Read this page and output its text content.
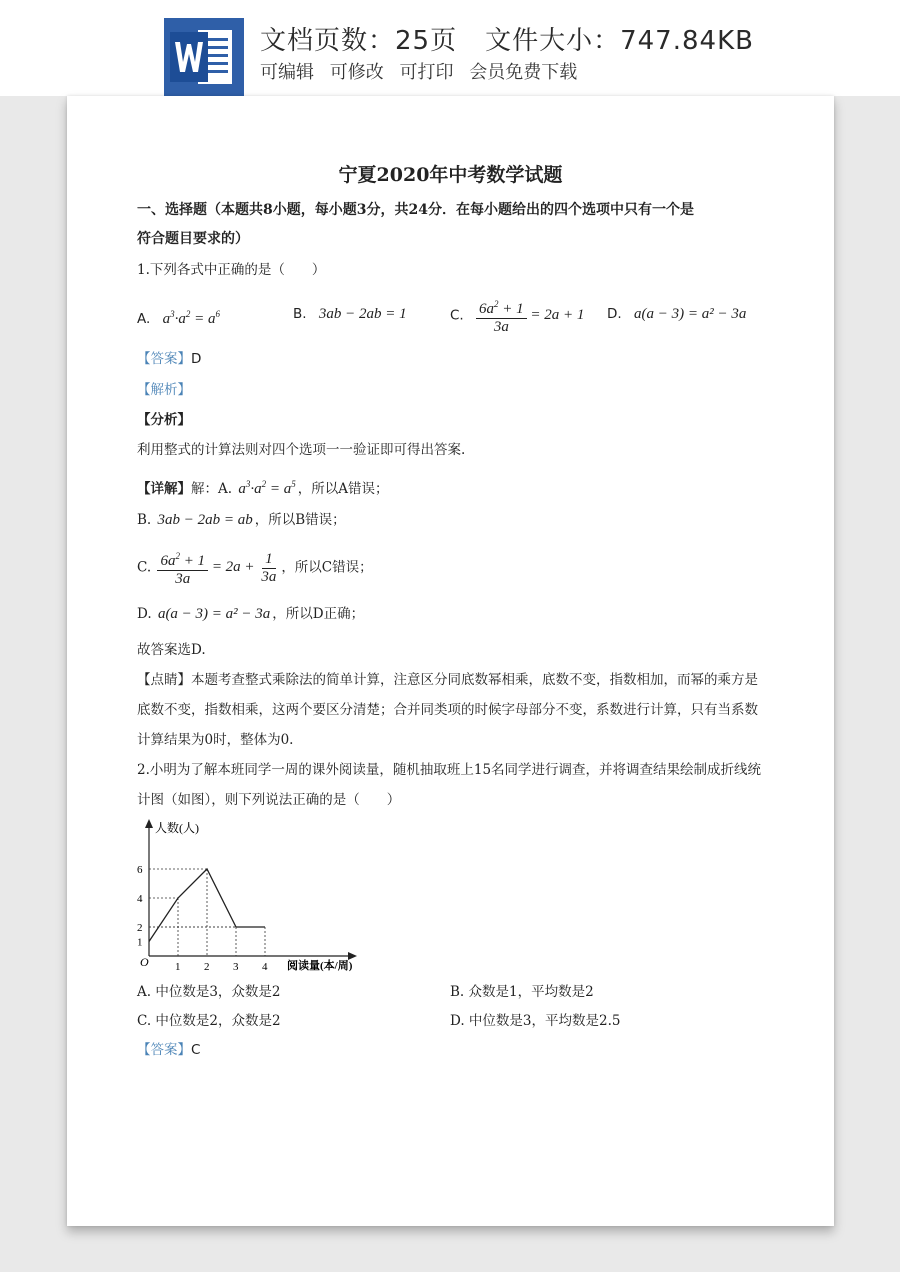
文档页数：25页 文件大小：747.84KB
可编辑 可修改 可打印 会员免费下载
宁夏2020年中考数学试题
一、选择题（本题共8小题，每小题3分，共24分．在每小题给出的四个选项中只有一个是
符合题目要求的）
1.下列各式中正确的是（　　）
A. $a^3\cdot a^2 = a^6$	B. 3ab − 2ab = 1	C. $\frac{6a^2 + 1}{3a} = 2a + 1$ D. a(a − 3) = a² − 3a
【答案】D
【解析】
【分析】
利用整式的计算法则对四个选项一一验证即可得出答案.
【详解】解：A. $a^3\cdot a^2 = a^5$ ，所以A错误；
B. 3ab − 2ab = ab ，所以B错误；
C. $\frac{6a^2 + 1}{3a} = 2a + \frac{1}{3a}$ ，所以C错误；
D. a(a − 3) = a² − 3a ，所以D正确；
故答案选D.
【点睛】本题考查整式乘除法的简单计算，注意区分同底数幂相乘，底数不变，指数相加，而幂的乘方是
底数不变，指数相乘，这两个要区分清楚；合并同类项的时候字母部分不变，系数进行计算，只有当系数
计算结果为0时，整体为0.
2.小明为了解本班同学一周的课外阅读量，随机抽取班上15名同学进行调查，并将调查结果绘制成折线统
计图（如图），则下列说法正确的是（　　）
1 2 3 4
1
2
4
6
人数(人)
阅读量(本/周)
O
A. 中位数是3，众数是2	B. 众数是1，平均数是2
C. 中位数是2，众数是2	D. 中位数是3，平均数是2.5
【答案】C
